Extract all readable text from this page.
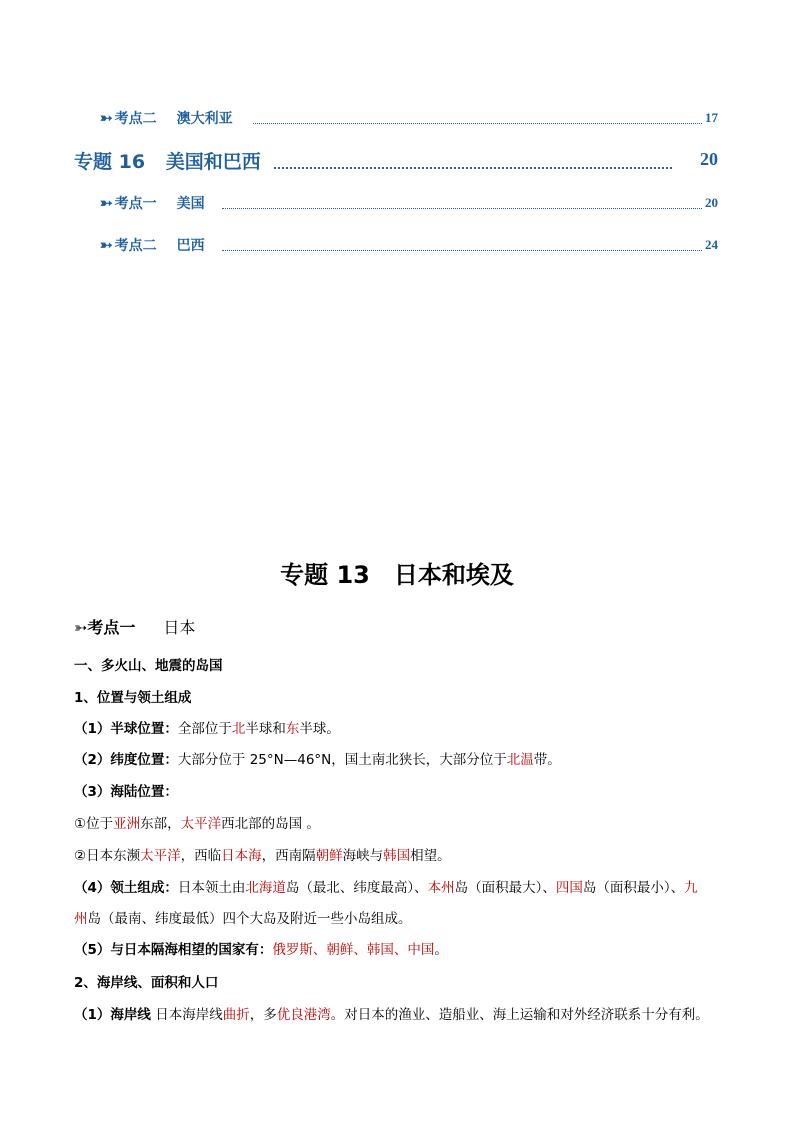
➳ 考点二 澳大利亚	17
专题 16 美国和巴西	20
➳ 考点一 美国	20
➳ 考点二 巴西	24
专题 13　日本和埃及
➳ 考点一 日本
一、多火山、地震的岛国
1、位置与领土组成
（1）半球位置：全部位于北半球和东半球。
（2）纬度位置：大部分位于 25°N—46°N，国土南北狭长，大部分位于北温带。
（3）海陆位置：
①位于亚洲东部，太平洋西北部的岛国 。
②日本东濒太平洋，西临日本海，西南隔朝鲜海峡与韩国相望。
（4）领土组成：日本领土由北海道岛（最北、纬度最高）、本州岛（面积最大）、四国岛（面积最小）、九
州岛（最南、纬度最低）四个大岛及附近一些小岛组成。
（5）与日本隔海相望的国家有：俄罗斯、朝鲜、韩国、中国。
2、海岸线、面积和人口
（1）海岸线 日本海岸线曲折，多优良港湾。对日本的渔业、造船业、海上运输和对外经济联系十分有利。
